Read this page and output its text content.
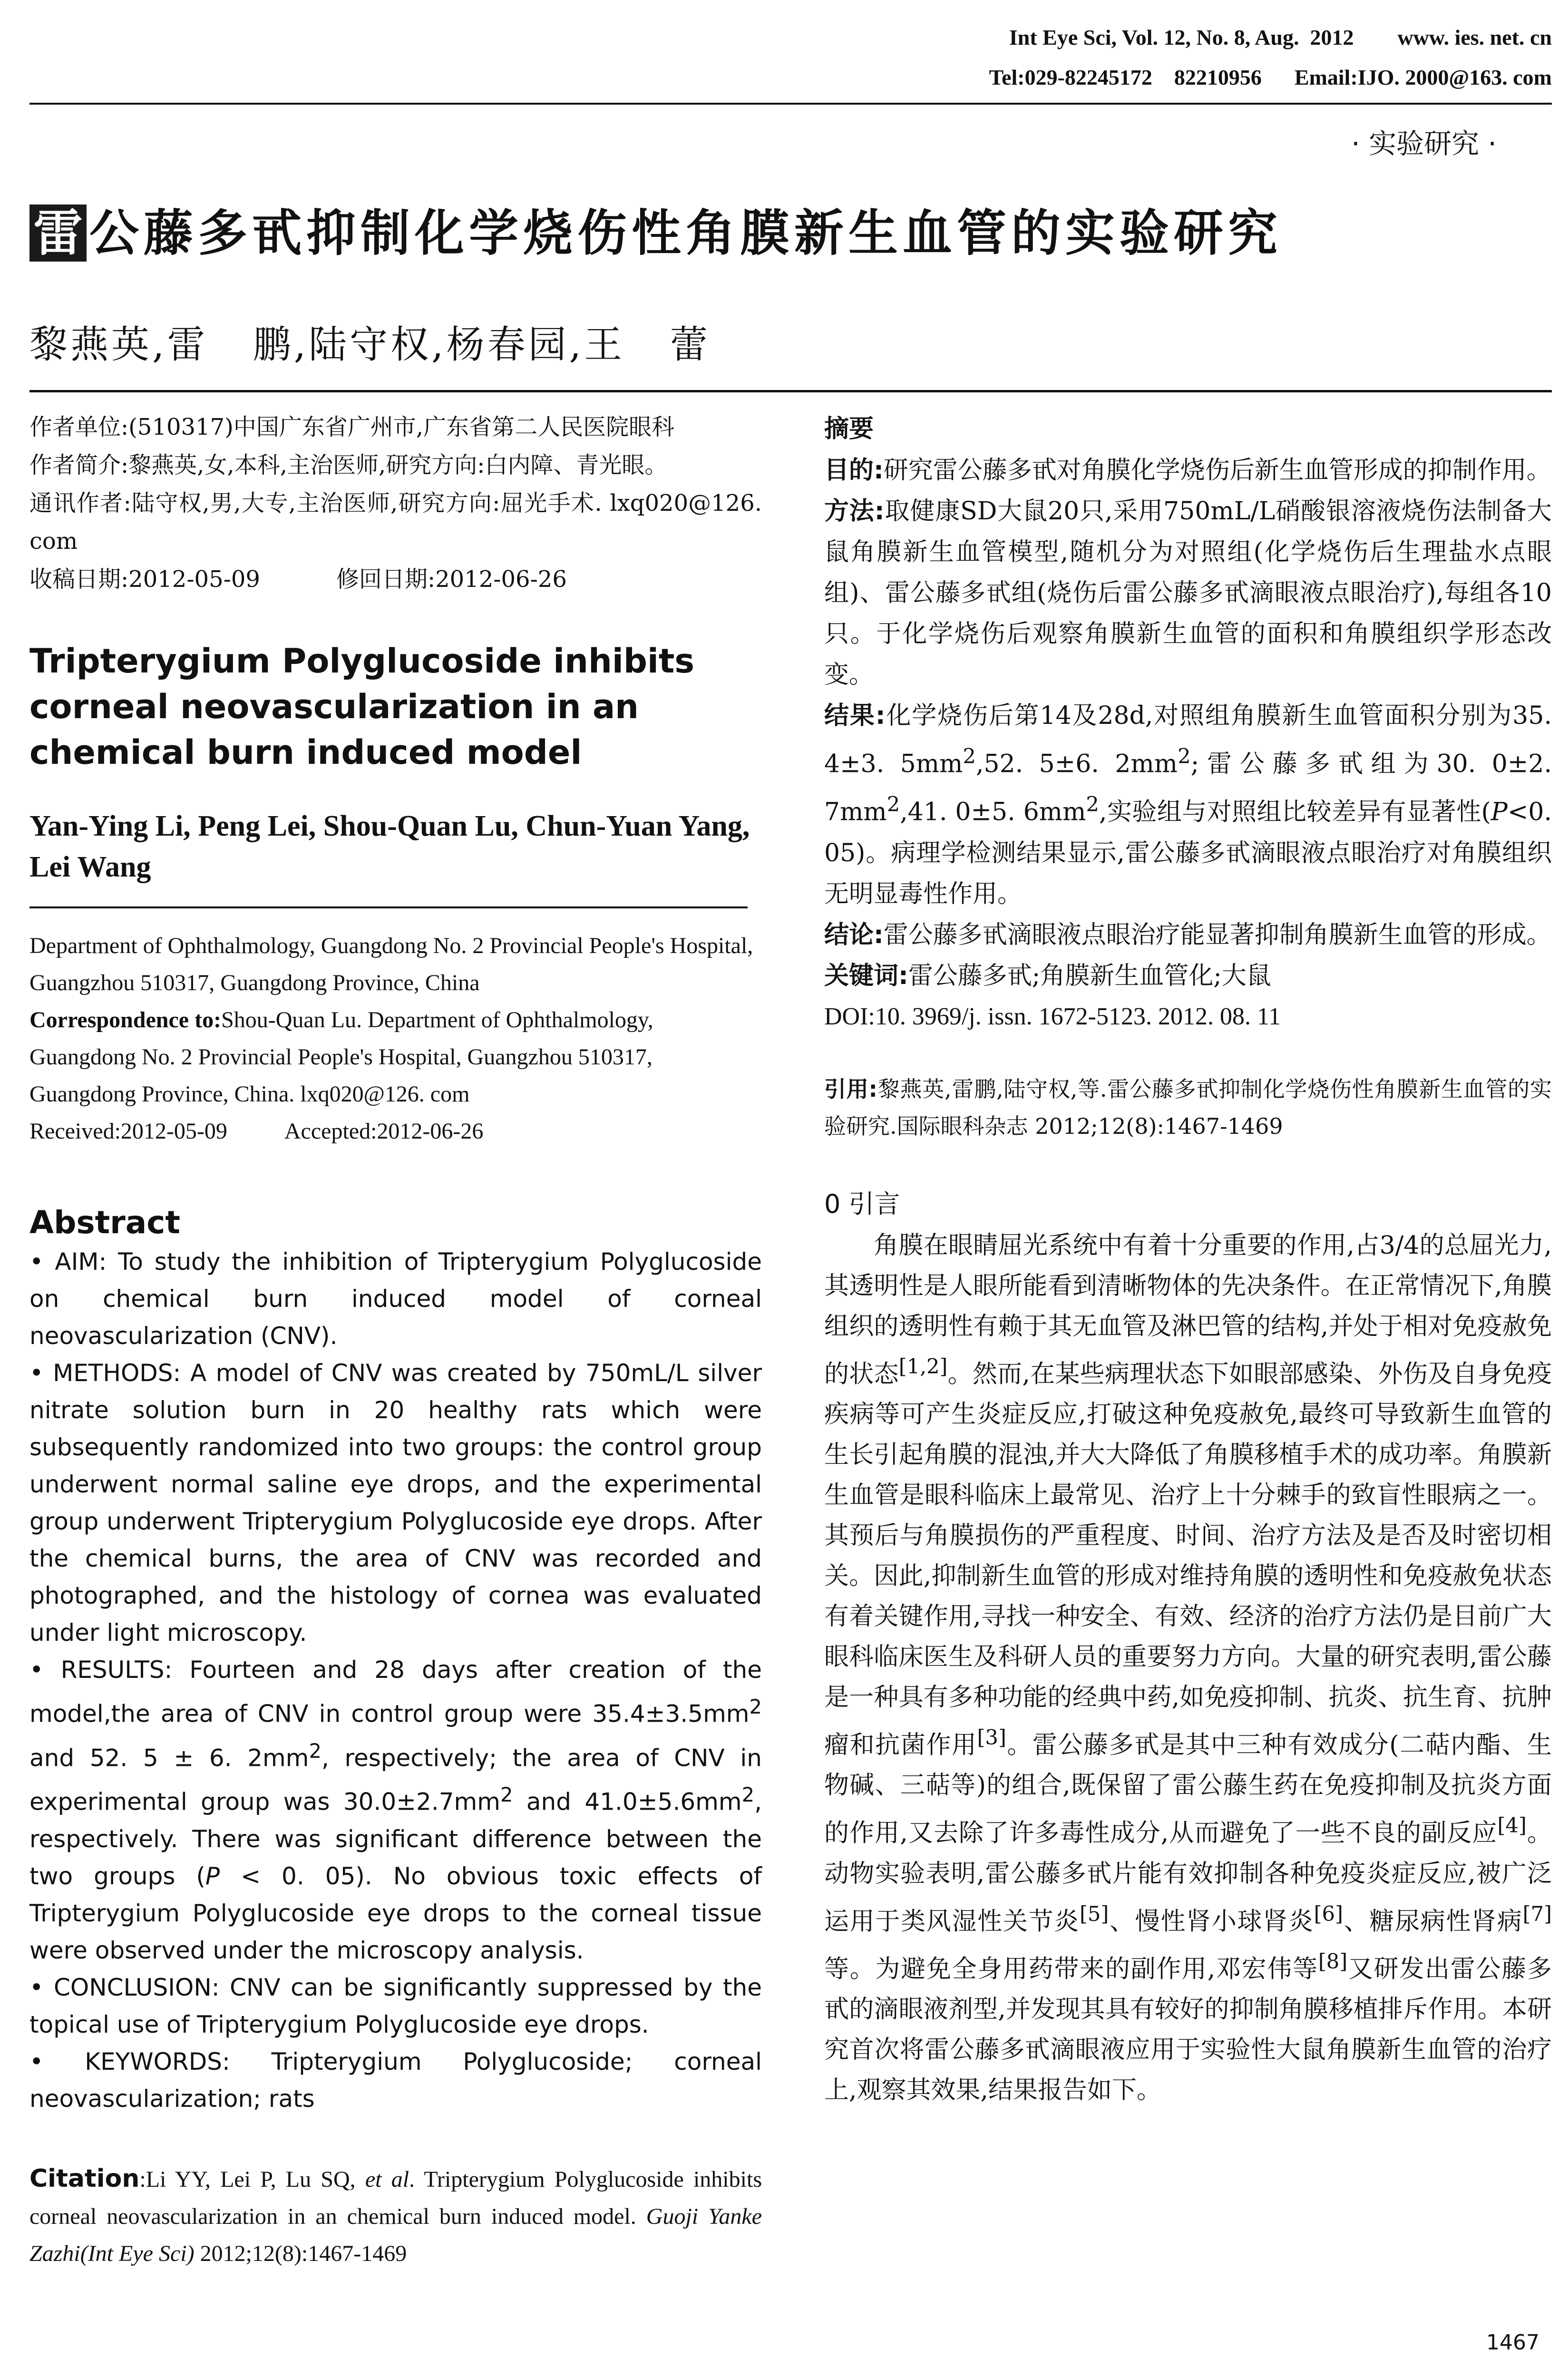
Int Eye Sci, Vol. 12, No. 8, Aug.  2012        www. ies. net. cn
Tel:029-82245172    82210956      Email:IJO. 2000@163. com
· 实验研究 ·
雷 公藤多甙抑制化学烧伤性角膜新生血管的实验研究
黎燕英,雷   鹏,陆守权,杨春园,王   蕾

作者单位:(510317)中国广东省广州市,广东省第二人民医院眼科

作者简介:黎燕英,女,本科,主治医师,研究方向:白内障、青光眼。

通讯作者:陆守权,男,大专,主治医师,研究方向:屈光手术. lxq020@126. com

收稿日期:2012-05-09	修回日期:2012-06-26

Tripterygium Polyglucoside inhibits corneal neovascularization in an chemical burn induced model
Yan-Ying Li, Peng Lei, Shou-Quan Lu, Chun-Yuan Yang, Lei Wang

Department of Ophthalmology, Guangdong No. 2 Provincial People's Hospital, Guangzhou 510317, Guangdong Province, China

Correspondence to:Shou-Quan Lu. Department of Ophthalmology, Guangdong No. 2 Provincial People's Hospital, Guangzhou 510317, Guangdong Province, China. lxq020@126. com

Received:2012-05-09	Accepted:2012-06-26

Abstract

• AIM: To study the inhibition of Tripterygium Polyglucoside on chemical burn induced model of corneal neovascularization (CNV).

• METHODS: A model of CNV was created by 750mL/L silver nitrate solution burn in 20 healthy rats which were subsequently randomized into two groups: the control group underwent normal saline eye drops, and the experimental group underwent Tripterygium Polyglucoside eye drops. After the chemical burns, the area of CNV was recorded and photographed, and the histology of cornea was evaluated under light microscopy.

• RESULTS: Fourteen and 28 days after creation of the model,the area of CNV in control group were $35.4\pm 3.5mm^2$ and 52. 5 ± 6. $2mm^2$, respectively; the area of CNV in experimental group was $30.0\pm 2.7mm^2$ and $41.0\pm 5.6mm^2$, respectively. There was significant difference between the two groups (P < 0. 05). No obvious toxic effects of Tripterygium Polyglucoside eye drops to the corneal tissue were observed under the microscopy analysis.

• CONCLUSION: CNV can be significantly suppressed by the topical use of Tripterygium Polyglucoside eye drops.

• KEYWORDS: Tripterygium Polyglucoside; corneal neovascularization; rats

Citation:Li YY, Lei P, Lu SQ, et al. Tripterygium Polyglucoside inhibits corneal neovascularization in an chemical burn induced model. Guoji Yanke Zazhi(Int Eye Sci) 2012;12(8):1467-1469

摘要

目的:研究雷公藤多甙对角膜化学烧伤后新生血管形成的抑制作用。

方法:取健康SD大鼠20只,采用750mL/L硝酸银溶液烧伤法制备大鼠角膜新生血管模型,随机分为对照组(化学烧伤后生理盐水点眼组)、雷公藤多甙组(烧伤后雷公藤多甙滴眼液点眼治疗),每组各10只。于化学烧伤后观察角膜新生血管的面积和角膜组织学形态改变。

结果:化学烧伤后第14及28d,对照组角膜新生血管面积分别为35. 4±3. $5mm^2,52$. 5±6. $2mm^2$;雷公藤多甙组为30. 0±2. $7mm^2,41$. 0±5. $6mm^2$,实验组与对照组比较差异有显著性(P<0. 05)。病理学检测结果显示,雷公藤多甙滴眼液点眼治疗对角膜组织无明显毒性作用。

结论:雷公藤多甙滴眼液点眼治疗能显著抑制角膜新生血管的形成。

关键词:雷公藤多甙;角膜新生血管化;大鼠

DOI:10. 3969/j. issn. 1672-5123. 2012. 08. 11

引用:黎燕英,雷鹏,陆守权,等.雷公藤多甙抑制化学烧伤性角膜新生血管的实验研究.国际眼科杂志 2012;12(8):1467-1469

0 引言

角膜在眼睛屈光系统中有着十分重要的作用,占3/4的总屈光力,其透明性是人眼所能看到清晰物体的先决条件。在正常情况下,角膜组织的透明性有赖于其无血管及淋巴管的结构,并处于相对免疫赦免的状态[1,2]。然而,在某些病理状态下如眼部感染、外伤及自身免疫疾病等可产生炎症反应,打破这种免疫赦免,最终可导致新生血管的生长引起角膜的混浊,并大大降低了角膜移植手术的成功率。角膜新生血管是眼科临床上最常见、治疗上十分棘手的致盲性眼病之一。其预后与角膜损伤的严重程度、时间、治疗方法及是否及时密切相关。因此,抑制新生血管的形成对维持角膜的透明性和免疫赦免状态有着关键作用,寻找一种安全、有效、经济的治疗方法仍是目前广大眼科临床医生及科研人员的重要努力方向。大量的研究表明,雷公藤是一种具有多种功能的经典中药,如免疫抑制、抗炎、抗生育、抗肿瘤和抗菌作用[3]。雷公藤多甙是其中三种有效成分(二萜内酯、生物碱、三萜等)的组合,既保留了雷公藤生药在免疫抑制及抗炎方面的作用,又去除了许多毒性成分,从而避免了一些不良的副反应[4]。动物实验表明,雷公藤多甙片能有效抑制各种免疫炎症反应,被广泛运用于类风湿性关节炎[5]、慢性肾小球肾炎[6]、糖尿病性肾病[7]等。为避免全身用药带来的副作用,邓宏伟等[8]又研发出雷公藤多甙的滴眼液剂型,并发现其具有较好的抑制角膜移植排斥作用。本研究首次将雷公藤多甙滴眼液应用于实验性大鼠角膜新生血管的治疗上,观察其效果,结果报告如下。

1467
